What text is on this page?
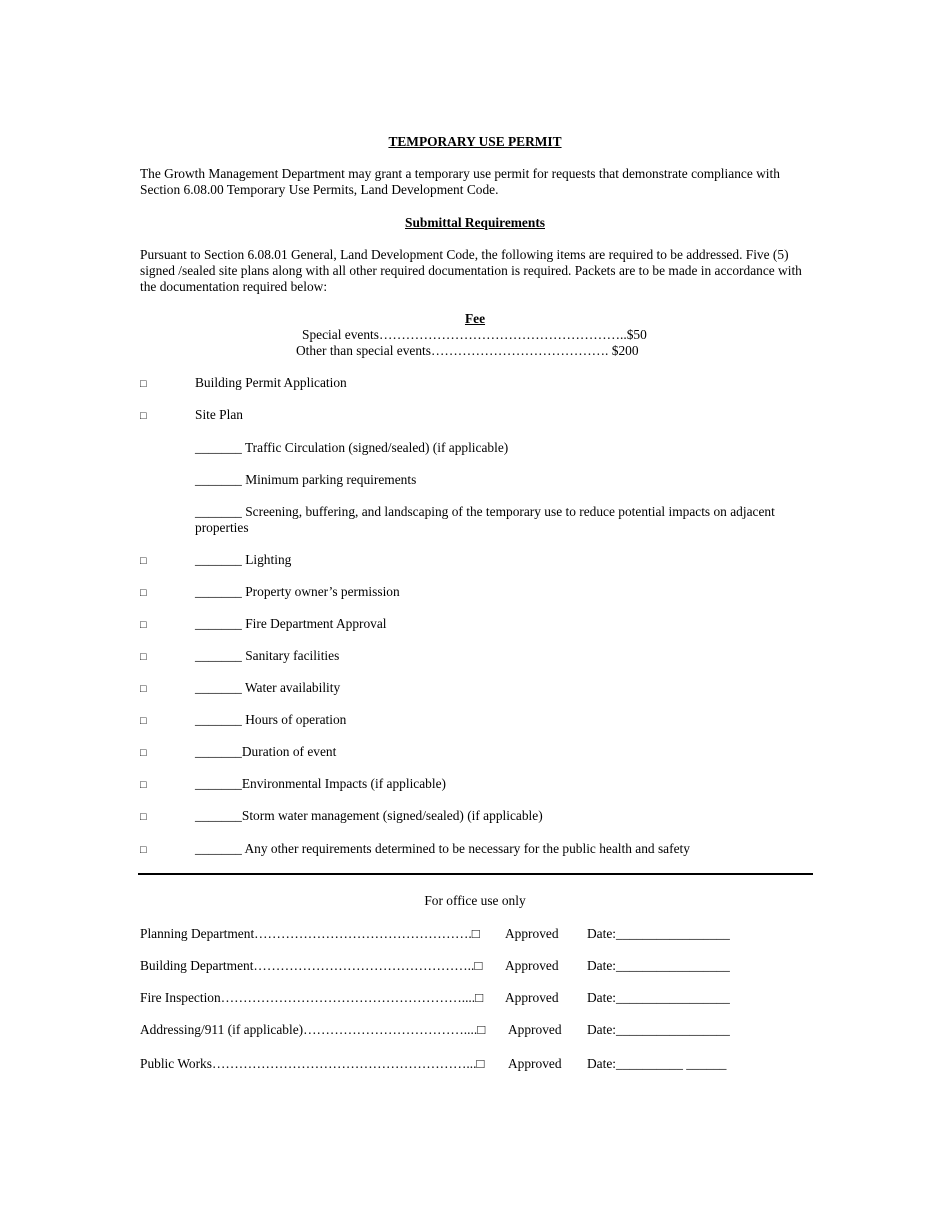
TEMPORARY USE PERMIT
The Growth Management Department may grant a temporary use permit for requests that demonstrate compliance with Section 6.08.00 Temporary Use Permits, Land Development Code.
Submittal Requirements
Pursuant to Section 6.08.01 General, Land Development Code, the following items are required to be addressed. Five (5) signed /sealed site plans along with all other required documentation is required. Packets are to be made in accordance with the documentation required below:
Fee
Special events………………………………………………..$50
Other than special events…………………………………. $200
□	Building Permit Application
□	Site Plan
_______ Traffic Circulation (signed/sealed) (if applicable)
_______ Minimum parking requirements
_______ Screening, buffering, and landscaping of the temporary use to reduce potential impacts on adjacent properties
□	_______ Lighting
□	_______ Property owner’s permission
□	_______ Fire Department Approval
□	_______ Sanitary facilities
□	_______ Water availability
□	_______ Hours of operation
□	_______Duration of event
□	_______Environmental Impacts (if applicable)
□	_______Storm water management (signed/sealed) (if applicable)
□	_______ Any other requirements determined to be necessary for the public health and safety
For office use only
Planning Department………………………………………….□ Approved Date:_________________
Building Department…………………………………………..□ Approved Date:_________________
Fire Inspection………………………………………………....□ Approved Date:_________________
Addressing/911 (if applicable)………………………………....□ Approved Date:_________________
Public Works…………………………………………………...□ Approved Date:__________ ______
